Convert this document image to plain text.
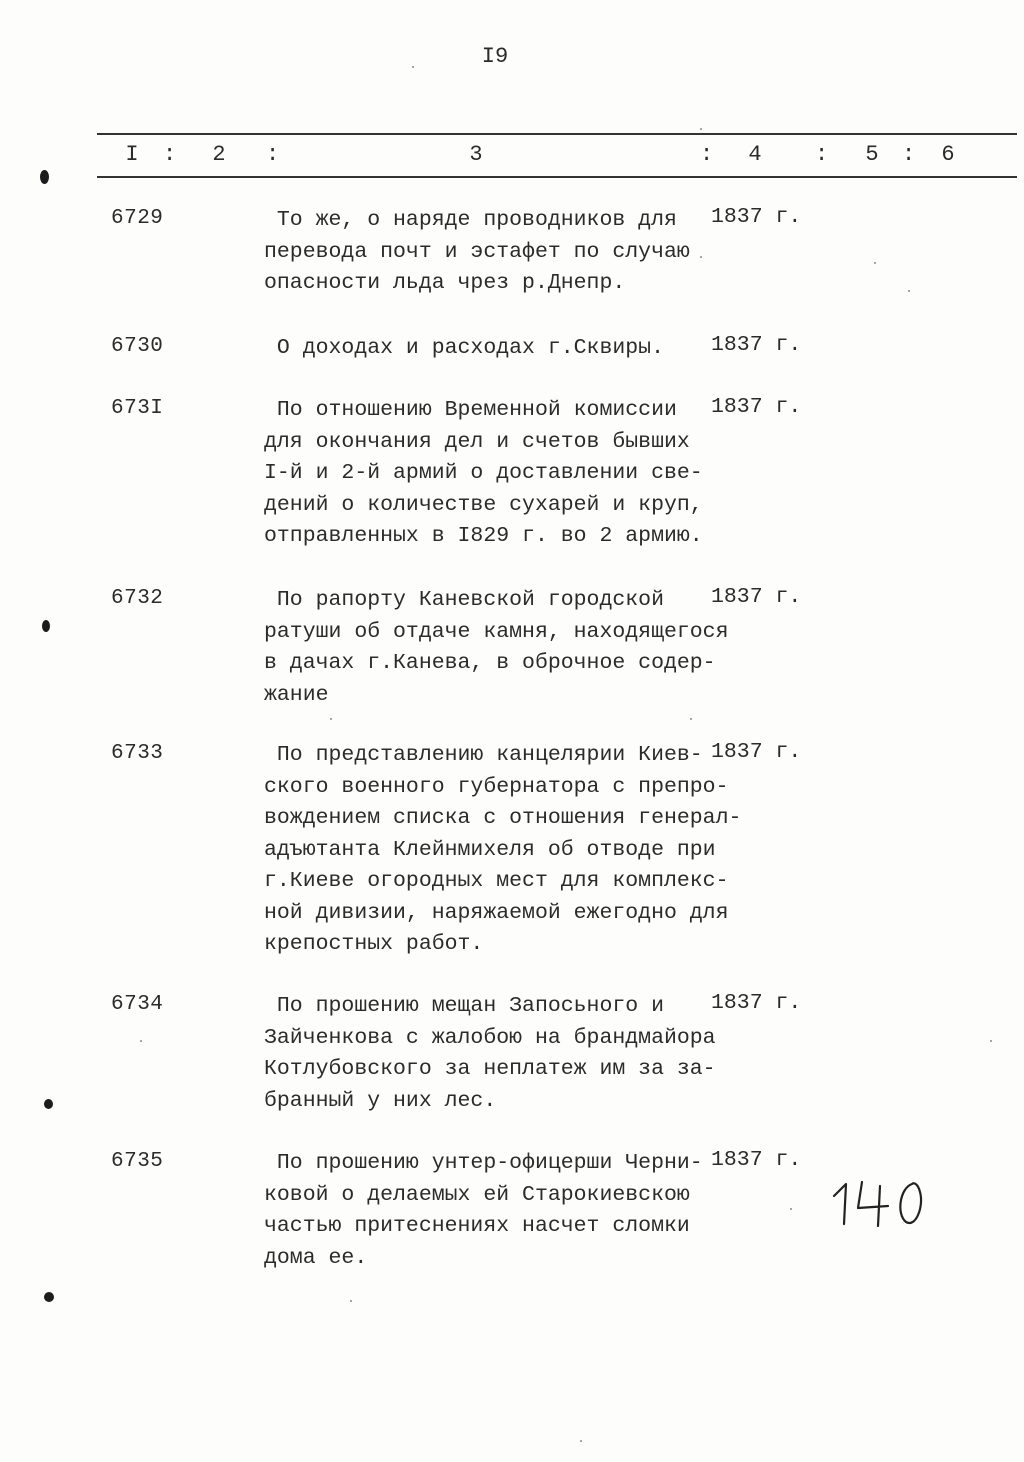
I9
I	:	2	:	3	:	4	:	5	:	6
6729	То же, о наряде проводников для
перевода почт и эстафет по случаю
опасности льда чрез р.Днепр.
1837 г.
6730	О доходах и расходах г.Сквиры.	1837 г.
673I	По отношению Временной комиссии
для окончания дел и счетов бывших
I-й и 2-й армий о доставлении све-
дений о количестве сухарей и круп,
отправленных в I829 г. во 2 армию.
1837 г.
6732	По рапорту Каневской городской
ратуши об отдаче камня, находящегося
в дачах г.Канева, в оброчное содер-
жание
1837 г.
6733	По представлению канцелярии Киев-
ского военного губернатора с препро-
вождением списка с отношения генерал-
адъютанта Клейнмихеля об отводе при
г.Киеве огородных мест для комплекс-
ной дивизии, наряжаемой ежегодно для
крепостных работ.
1837 г.
6734	По прошению мещан Запосьного и
Зайченкова с жалобою на брандмайора
Котлубовского за неплатеж им за за-
бранный у них лес.
1837 г.
6735	По прошению унтер-офицерши Черни-
ковой о делаемых ей Старокиевскою
частью притеснениях насчет сломки
дома ее.
1837 г.
